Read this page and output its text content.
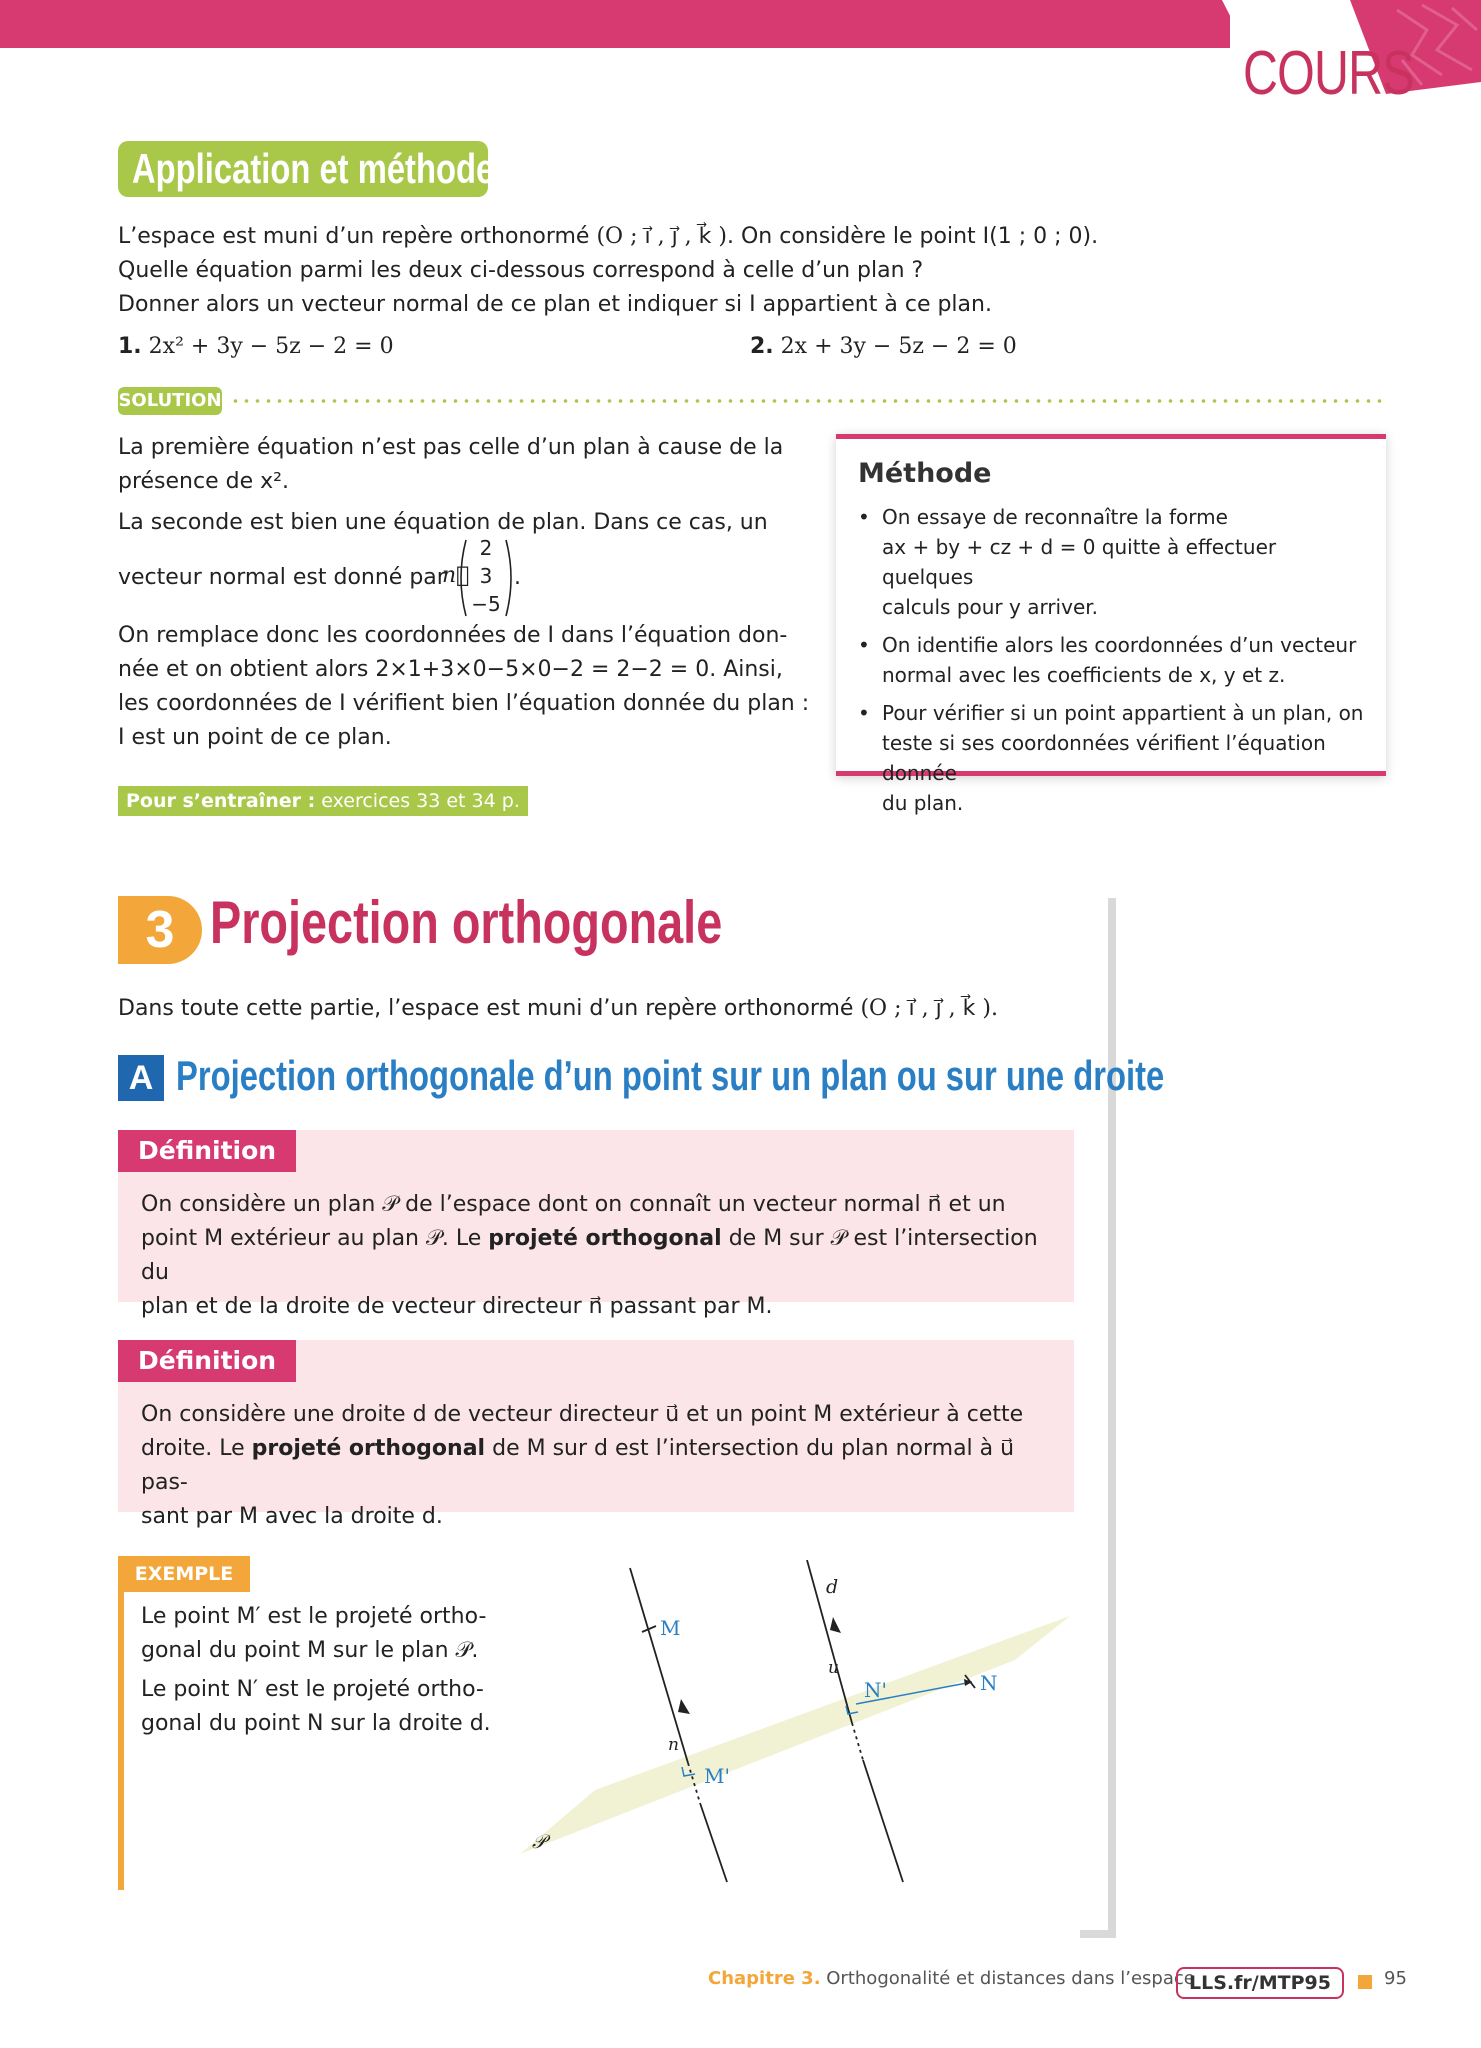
COURS
Application et méthode - 5
L’espace est muni d’un repère orthonormé (O ; i⃗ , j⃗ , k⃗ ). On considère le point I(1 ; 0 ; 0).
Quelle équation parmi les deux ci-dessous correspond à celle d’un plan ?
Donner alors un vecteur normal de ce plan et indiquer si I appartient à ce plan.
1. 2x² + 3y − 5z − 2 = 0	2. 2x + 3y − 5z − 2 = 0
SOLUTION
La première équation n’est pas celle d’un plan à cause de la
présence de x².
La seconde est bien une équation de plan. Dans ce cas, un
vecteur normal est donné par
n⃗
2
3
−5
.
On remplace donc les coordonnées de I dans l’équation don-
née et on obtient alors 2×1+3×0−5×0−2 = 2−2 = 0. Ainsi,
les coordonnées de I vérifient bien l’équation donnée du plan :
I est un point de ce plan.
Pour s’entraîner : exercices 33 et 34 p. 103
Méthode
• On essaye de reconnaître la forme
ax + by + cz + d = 0 quitte à effectuer quelques
calculs pour y arriver.
• On identifie alors les coordonnées d’un vecteur
normal avec les coefficients de x, y et z.
• Pour vérifier si un point appartient à un plan, on
teste si ses coordonnées vérifient l’équation donnée
du plan.
3 Projection orthogonale
Dans toute cette partie, l’espace est muni d’un repère orthonormé (O ; i⃗ , j⃗ , k⃗ ).
A Projection orthogonale d’un point sur un plan ou sur une droite
Définition
On considère un plan 𝒫 de l’espace dont on connaît un vecteur normal n⃗ et un
point M extérieur au plan 𝒫. Le projeté orthogonal de M sur 𝒫 est l’intersection du
plan et de la droite de vecteur directeur n⃗ passant par M.
Définition
On considère une droite d de vecteur directeur u⃗ et un point M extérieur à cette
droite. Le projeté orthogonal de M sur d est l’intersection du plan normal à u⃗ pas-
sant par M avec la droite d.
EXEMPLE
Le point M′ est le projeté ortho-
gonal du point M sur le plan 𝒫.
Le point N′ est le projeté ortho-
gonal du point N sur la droite d.
M
M'
n
u
N'	N
d
𝒫
Chapitre 3. Orthogonalité et distances dans l’espace
LLS.fr/MTP95	95
